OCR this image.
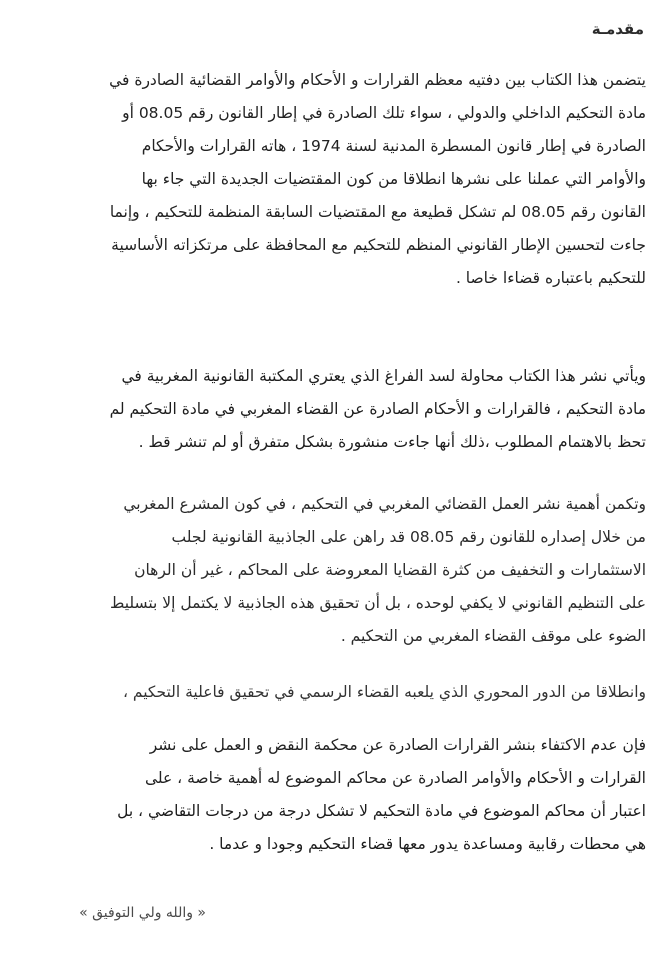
مقدمـة
يتضمن هذا الكتاب بين دفتيه معظم القرارات و الأحكام والأوامر القضائية الصادرة في
مادة التحكيم الداخلي والدولي ، سواء تلك الصادرة في إطار القانون رقم 08.05 أو
الصادرة في إطار قانون المسطرة المدنية لسنة 1974 ، هاته القرارات والأحكام
والأوامر التي عملنا على نشرها انطلاقا من كون المقتضيات الجديدة التي جاء بها
القانون رقم 08.05 لم تشكل قطيعة مع المقتضيات السابقة المنظمة للتحكيم ، وإنما
جاءت لتحسين الإطار القانوني المنظم للتحكيم مع المحافظة على مرتكزاته الأساسية
للتحكيم باعتباره قضاءا خاصا .
ويأتي نشر هذا الكتاب محاولة لسد الفراغ الذي يعتري المكتبة القانونية المغربية في
مادة التحكيم ، فالقرارات و الأحكام الصادرة عن القضاء المغربي في مادة التحكيم لم
تحظ بالاهتمام المطلوب ،ذلك أنها جاءت منشورة بشكل متفرق أو لم تنشر قط .
وتكمن أهمية نشر العمل القضائي المغربي في التحكيم ، في كون المشرع المغربي
من خلال إصداره للقانون رقم 08.05 قد راهن على الجاذبية القانونية لجلب
الاستثمارات و التخفيف من كثرة القضايا المعروضة على المحاكم ، غير أن الرهان
على التنظيم القانوني لا يكفي لوحده ، بل أن تحقيق هذه الجاذبية لا يكتمل إلا بتسليط
الضوء على موقف القضاء المغربي من التحكيم .
وانطلاقا من الدور المحوري الذي يلعبه القضاء الرسمي في تحقيق فاعلية التحكيم ،
فإن عدم الاكتفاء بنشر القرارات الصادرة عن محكمة النقض و العمل على نشر
القرارات و الأحكام والأوامر الصادرة عن محاكم الموضوع له أهمية خاصة ، على
اعتبار أن محاكم الموضوع في مادة التحكيم لا تشكل درجة من درجات التقاضي ، بل
هي محطات رقابية ومساعدة يدور معها قضاء التحكيم وجودا و عدما .

« والله ولي التوفيق »
